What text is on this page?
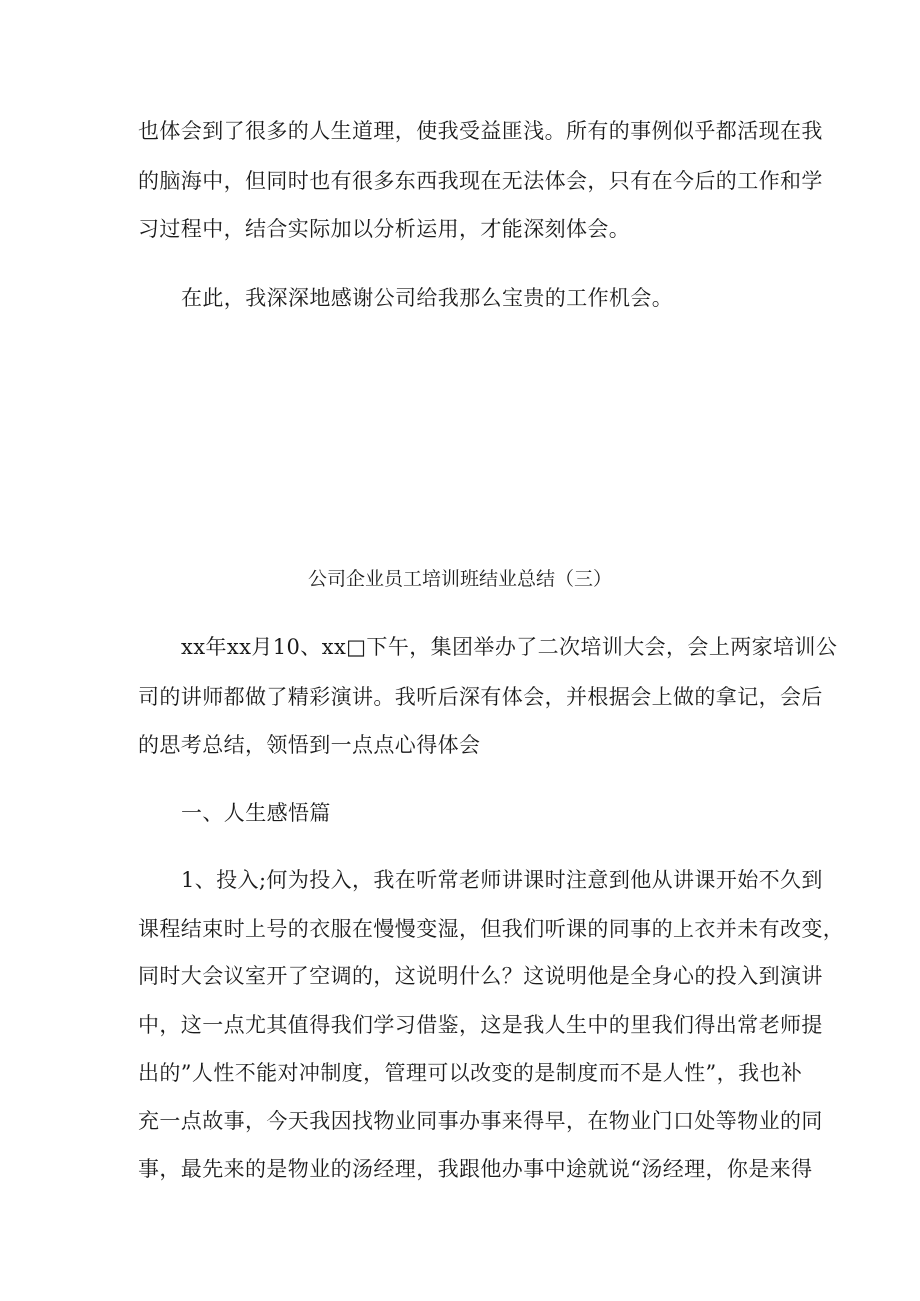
也体会到了很多的人生道理，使我受益匪浅。所有的事例似乎都活现在我
的脑海中，但同时也有很多东西我现在无法体会，只有在今后的工作和学
习过程中，结合实际加以分析运用，才能深刻体会。
在此，我深深地感谢公司给我那么宝贵的工作机会。
公司企业员工培训班结业总结（三）
xx年xx月10、xx□下午，集团举办了二次培训大会，会上两家培训公
司的讲师都做了精彩演讲。我听后深有体会，并根据会上做的拿记，会后
的思考总结，领悟到一点点心得体会
一、人生感悟篇
1、投入;何为投入，我在听常老师讲课时注意到他从讲课开始不久到
课程结束时上号的衣服在慢慢变湿，但我们听课的同事的上衣并未有改变，
同时大会议室开了空调的，这说明什么？这说明他是全身心的投入到演讲
中，这一点尤其值得我们学习借鉴，这是我人生中的里我们得出常老师提
出的”人性不能对冲制度，管理可以改变的是制度而不是人性”，我也补
充一点故事，今天我因找物业同事办事来得早，在物业门口处等物业的同
事，最先来的是物业的汤经理，我跟他办事中途就说“汤经理，你是来得
